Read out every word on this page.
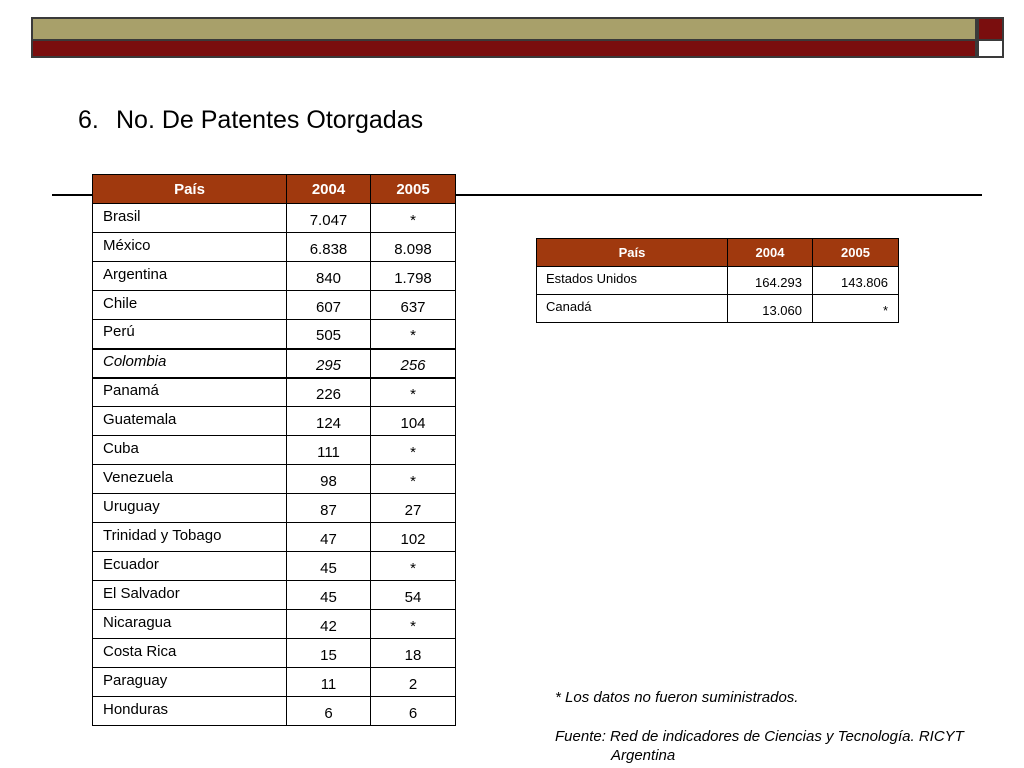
6. No. De Patentes Otorgadas
País	2004	2005
Brasil	7.047	*
México	6.838	8.098
Argentina	840	1.798
Chile	607	637
Perú	505	*
Colombia	295	256
Panamá	226	*
Guatemala	124	104
Cuba	111	*
Venezuela	98	*
Uruguay	87	27
Trinidad y Tobago	47	102
Ecuador	45	*
El Salvador	45	54
Nicaragua	42	*
Costa Rica	15	18
Paraguay	11	2
Honduras	6	6
País	2004	2005
Estados Unidos	164.293	143.806
Canadá	13.060	*
* Los datos no fueron suministrados.
Fuente: Red de indicadores de Ciencias y Tecnología. RICYT
Argentina
